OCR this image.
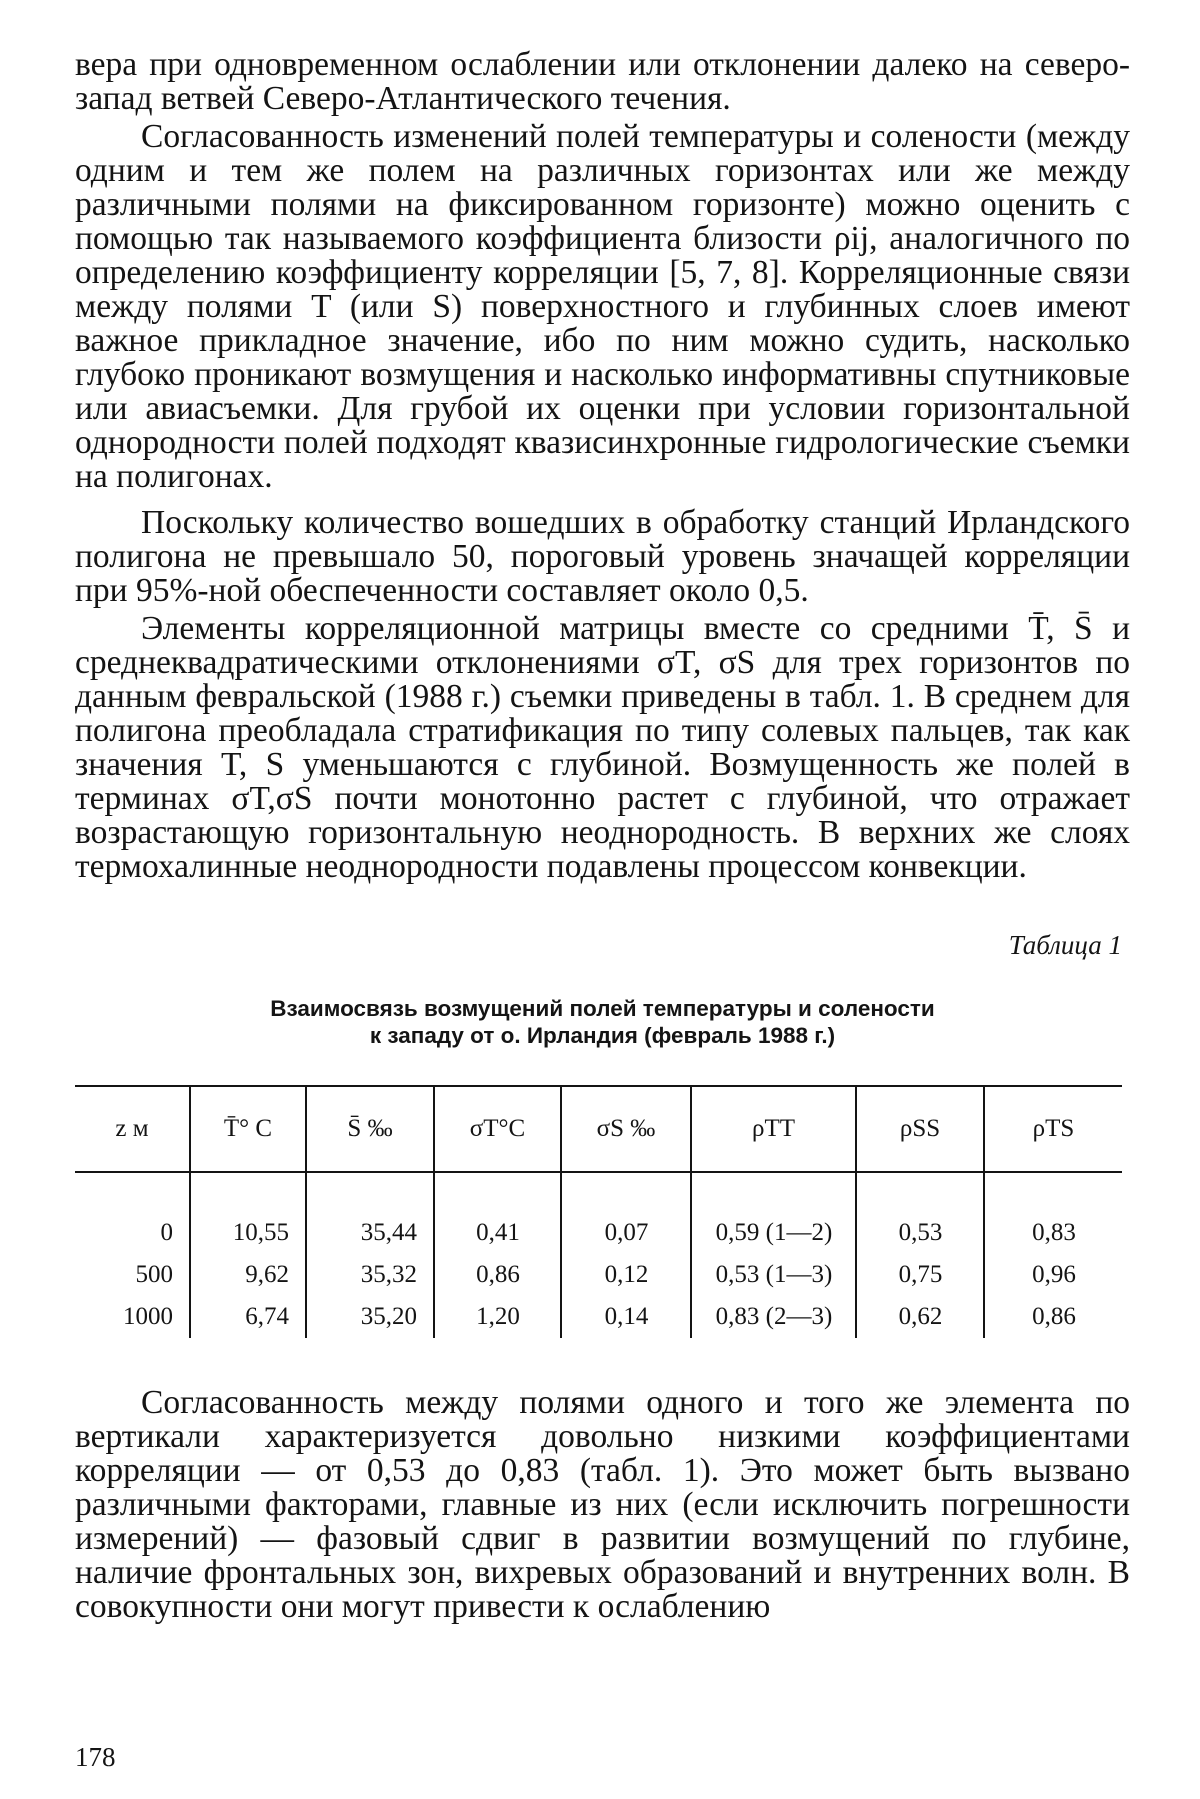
вера при одновременном ослаблении или отклонении далеко на северо-запад ветвей Северо-Атлантического течения.

Согласованность изменений полей температуры и солености (между одним и тем же полем на различных горизонтах или же между различными полями на фиксированном горизонте) можно оценить с помощью так называемого коэффициента близости ρij, аналогичного по определению коэффициенту корреляции [5, 7, 8]. Корреляционные связи между полями T (или S) поверхностного и глубинных слоев имеют важное прикладное значение, ибо по ним можно судить, насколько глубоко проникают возмущения и насколько информативны спутниковые или авиасъемки. Для грубой их оценки при условии горизонтальной однородности полей подходят квазисинхронные гидрологические съемки на полигонах.

Поскольку количество вошедших в обработку станций Ирландского полигона не превышало 50, пороговый уровень значащей корреляции при 95%-ной обеспеченности составляет около 0,5.

Элементы корреляционной матрицы вместе со средними T̄, S̄ и среднеквадратическими отклонениями σT, σS для трех горизонтов по данным февральской (1988 г.) съемки приведены в табл. 1. В среднем для полигона преобладала стратификация по типу солевых пальцев, так как значения T, S уменьшаются с глубиной. Возмущенность же полей в терминах σT,σS почти монотонно растет с глубиной, что отражает возрастающую горизонтальную неоднородность. В верхних же слоях термохалинные неоднородности подавлены процессом конвекции.

Таблица 1
Взаимосвязь возмущений полей температуры и солености
к западу от о. Ирландия (февраль 1988 г.)
z м	T̄° C	S̄ ‰	σT°C	σS ‰	ρTT	ρSS	ρTS
0	10,55	35,44	0,41	0,07	0,59 (1—2)	0,53	0,83
500	9,62	35,32	0,86	0,12	0,53 (1—3)	0,75	0,96
1000	6,74	35,20	1,20	0,14	0,83 (2—3)	0,62	0,86

Согласованность между полями одного и того же элемента по вертикали характеризуется довольно низкими коэффициентами корреляции — от 0,53 до 0,83 (табл. 1). Это может быть вызвано различными факторами, главные из них (если исключить погрешности измерений) — фазовый сдвиг в развитии возмущений по глубине, наличие фронтальных зон, вихревых образований и внутренних волн. В совокупности они могут привести к ослаблению

178
